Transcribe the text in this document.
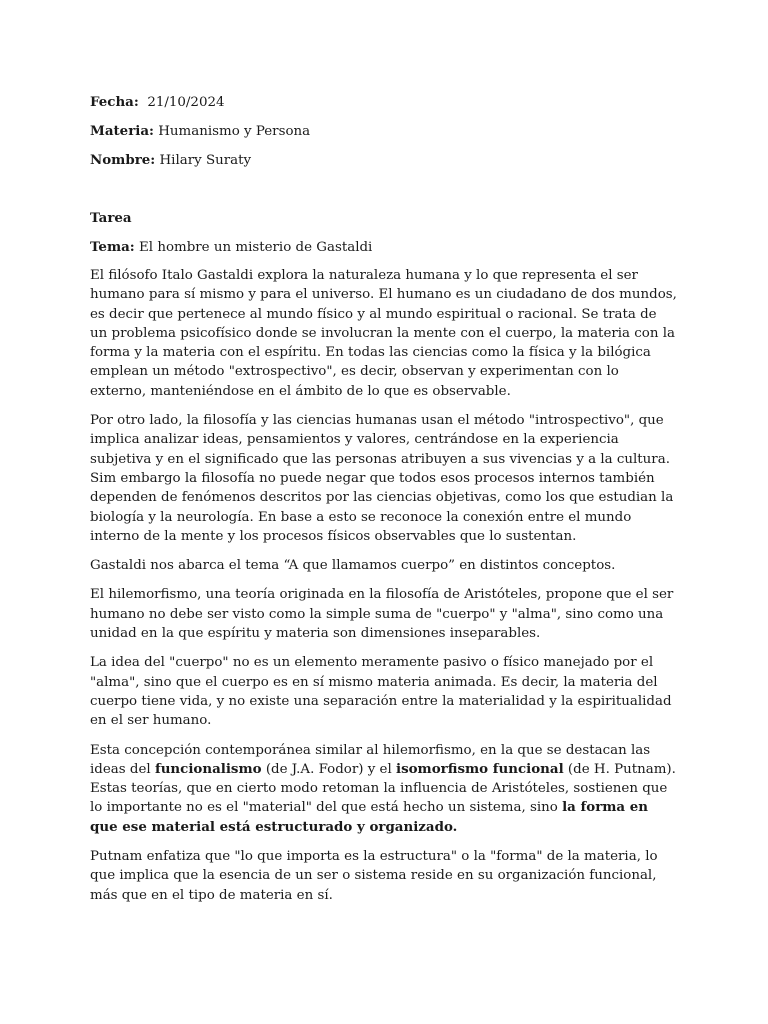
Fecha: 21/10/2024

Materia: Humanismo y Persona

Nombre: Hilary Suraty

Tarea

Tema: El hombre un misterio de Gastaldi

El filósofo Italo Gastaldi explora la naturaleza humana y lo que representa el ser humano para sí mismo y para el universo. El humano es un ciudadano de dos mundos, es decir que pertenece al mundo físico y al mundo espiritual o racional. Se trata de un problema psicofísico donde se involucran la mente con el cuerpo, la materia con la forma y la materia con el espíritu. En todas las ciencias como la física y la bilógica emplean un método "extrospectivo", es decir, observan y experimentan con lo externo, manteniéndose en el ámbito de lo que es observable.

Por otro lado, la filosofía y las ciencias humanas usan el método "introspectivo", que implica analizar ideas, pensamientos y valores, centrándose en la experiencia subjetiva y en el significado que las personas atribuyen a sus vivencias y a la cultura. Sim embargo la filosofía no puede negar que todos esos procesos internos también dependen de fenómenos descritos por las ciencias objetivas, como los que estudian la biología y la neurología. En base a esto se reconoce la conexión entre el mundo interno de la mente y los procesos físicos observables que lo sustentan.

Gastaldi nos abarca el tema “A que llamamos cuerpo” en distintos conceptos.

El hilemorfismo, una teoría originada en la filosofía de Aristóteles, propone que el ser humano no debe ser visto como la simple suma de "cuerpo" y "alma", sino como una unidad en la que espíritu y materia son dimensiones inseparables.

La idea del "cuerpo" no es un elemento meramente pasivo o físico manejado por el "alma", sino que el cuerpo es en sí mismo materia animada. Es decir, la materia del cuerpo tiene vida, y no existe una separación entre la materialidad y la espiritualidad en el ser humano.

Esta concepción contemporánea similar al hilemorfismo, en la que se destacan las ideas del funcionalismo (de J.A. Fodor) y el isomorfismo funcional (de H. Putnam). Estas teorías, que en cierto modo retoman la influencia de Aristóteles, sostienen que lo importante no es el "material" del que está hecho un sistema, sino la forma en que ese material está estructurado y organizado.

Putnam enfatiza que "lo que importa es la estructura" o la "forma" de la materia, lo que implica que la esencia de un ser o sistema reside en su organización funcional, más que en el tipo de materia en sí.
